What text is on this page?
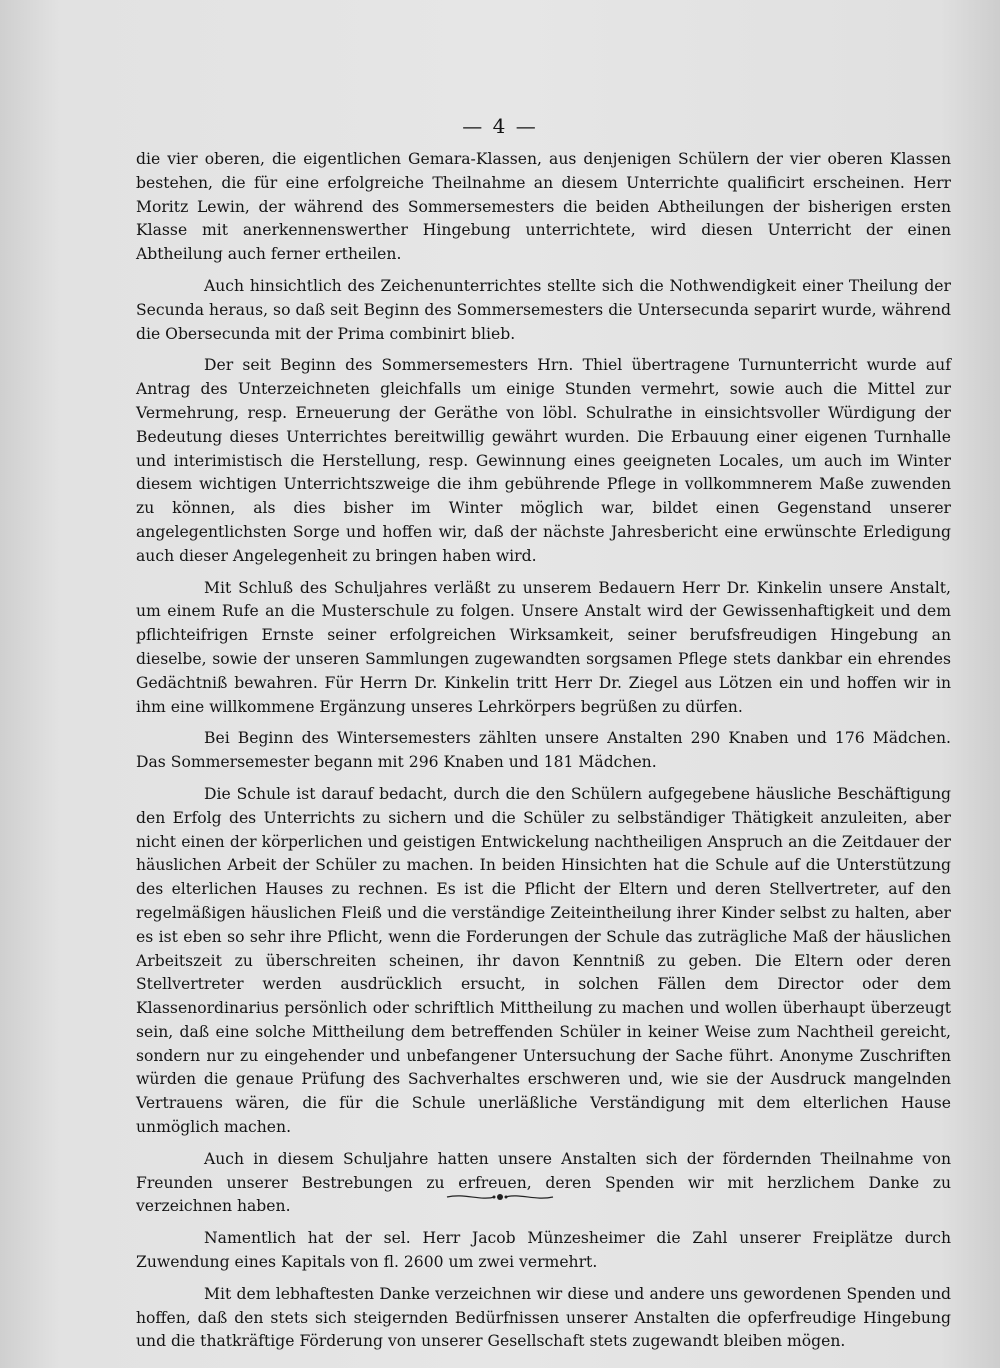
— 4 —

die vier oberen, die eigentlichen Gemara-Klassen, aus denjenigen Schülern der vier oberen Klassen bestehen, die für eine erfolgreiche Theilnahme an diesem Unterrichte qualificirt erscheinen. Herr Moritz Lewin, der während des Sommersemesters die beiden Abtheilungen der bisherigen ersten Klasse mit anerkennenswerther Hingebung unterrichtete, wird diesen Unterricht der einen Abtheilung auch ferner ertheilen.

Auch hinsichtlich des Zeichenunterrichtes stellte sich die Nothwendigkeit einer Theilung der Secunda heraus, so daß seit Beginn des Sommersemesters die Untersecunda separirt wurde, während die Obersecunda mit der Prima combinirt blieb.

Der seit Beginn des Sommersemesters Hrn. Thiel übertragene Turnunterricht wurde auf Antrag des Unterzeichneten gleichfalls um einige Stunden vermehrt, sowie auch die Mittel zur Vermehrung, resp. Erneuerung der Geräthe von löbl. Schulrathe in einsichtsvoller Würdigung der Bedeutung dieses Unterrichtes bereitwillig gewährt wurden. Die Erbauung einer eigenen Turnhalle und interimistisch die Herstellung, resp. Gewinnung eines geeigneten Locales, um auch im Winter diesem wichtigen Unterrichtszweige die ihm gebührende Pflege in vollkommnerem Maße zuwenden zu können, als dies bisher im Winter möglich war, bildet einen Gegenstand unserer angelegentlichsten Sorge und hoffen wir, daß der nächste Jahresbericht eine erwünschte Erledigung auch dieser Angelegenheit zu bringen haben wird.

Mit Schluß des Schuljahres verläßt zu unserem Bedauern Herr Dr. Kinkelin unsere Anstalt, um einem Rufe an die Musterschule zu folgen. Unsere Anstalt wird der Gewissenhaftigkeit und dem pflichteifrigen Ernste seiner erfolgreichen Wirksamkeit, seiner berufsfreudigen Hingebung an dieselbe, sowie der unseren Sammlungen zugewandten sorgsamen Pflege stets dankbar ein ehrendes Gedächtniß bewahren. Für Herrn Dr. Kinkelin tritt Herr Dr. Ziegel aus Lötzen ein und hoffen wir in ihm eine willkommene Ergänzung unseres Lehrkörpers begrüßen zu dürfen.

Bei Beginn des Wintersemesters zählten unsere Anstalten 290 Knaben und 176 Mädchen. Das Sommersemester begann mit 296 Knaben und 181 Mädchen.

Die Schule ist darauf bedacht, durch die den Schülern aufgegebene häusliche Beschäftigung den Erfolg des Unterrichts zu sichern und die Schüler zu selbständiger Thätigkeit anzuleiten, aber nicht einen der körperlichen und geistigen Entwickelung nachtheiligen Anspruch an die Zeitdauer der häuslichen Arbeit der Schüler zu machen. In beiden Hinsichten hat die Schule auf die Unterstützung des elterlichen Hauses zu rechnen. Es ist die Pflicht der Eltern und deren Stellvertreter, auf den regelmäßigen häuslichen Fleiß und die verständige Zeiteintheilung ihrer Kinder selbst zu halten, aber es ist eben so sehr ihre Pflicht, wenn die Forderungen der Schule das zuträgliche Maß der häuslichen Arbeitszeit zu überschreiten scheinen, ihr davon Kenntniß zu geben. Die Eltern oder deren Stellvertreter werden ausdrücklich ersucht, in solchen Fällen dem Director oder dem Klassenordinarius persönlich oder schriftlich Mittheilung zu machen und wollen überhaupt überzeugt sein, daß eine solche Mittheilung dem betreffenden Schüler in keiner Weise zum Nachtheil gereicht, sondern nur zu eingehender und unbefangener Untersuchung der Sache führt. Anonyme Zuschriften würden die genaue Prüfung des Sachverhaltes erschweren und, wie sie der Ausdruck mangelnden Vertrauens wären, die für die Schule unerläßliche Verständigung mit dem elterlichen Hause unmöglich machen.

Auch in diesem Schuljahre hatten unsere Anstalten sich der fördernden Theilnahme von Freunden unserer Bestrebungen zu erfreuen, deren Spenden wir mit herzlichem Danke zu verzeichnen haben.

Namentlich hat der sel. Herr Jacob Münzesheimer die Zahl unserer Freiplätze durch Zuwendung eines Kapitals von fl. 2600 um zwei vermehrt.

Mit dem lebhaftesten Danke verzeichnen wir diese und andere uns gewordenen Spenden und hoffen, daß den stets sich steigernden Bedürfnissen unserer Anstalten die opferfreudige Hingebung und die thatkräftige Förderung von unserer Gesellschaft stets zugewandt bleiben mögen.
